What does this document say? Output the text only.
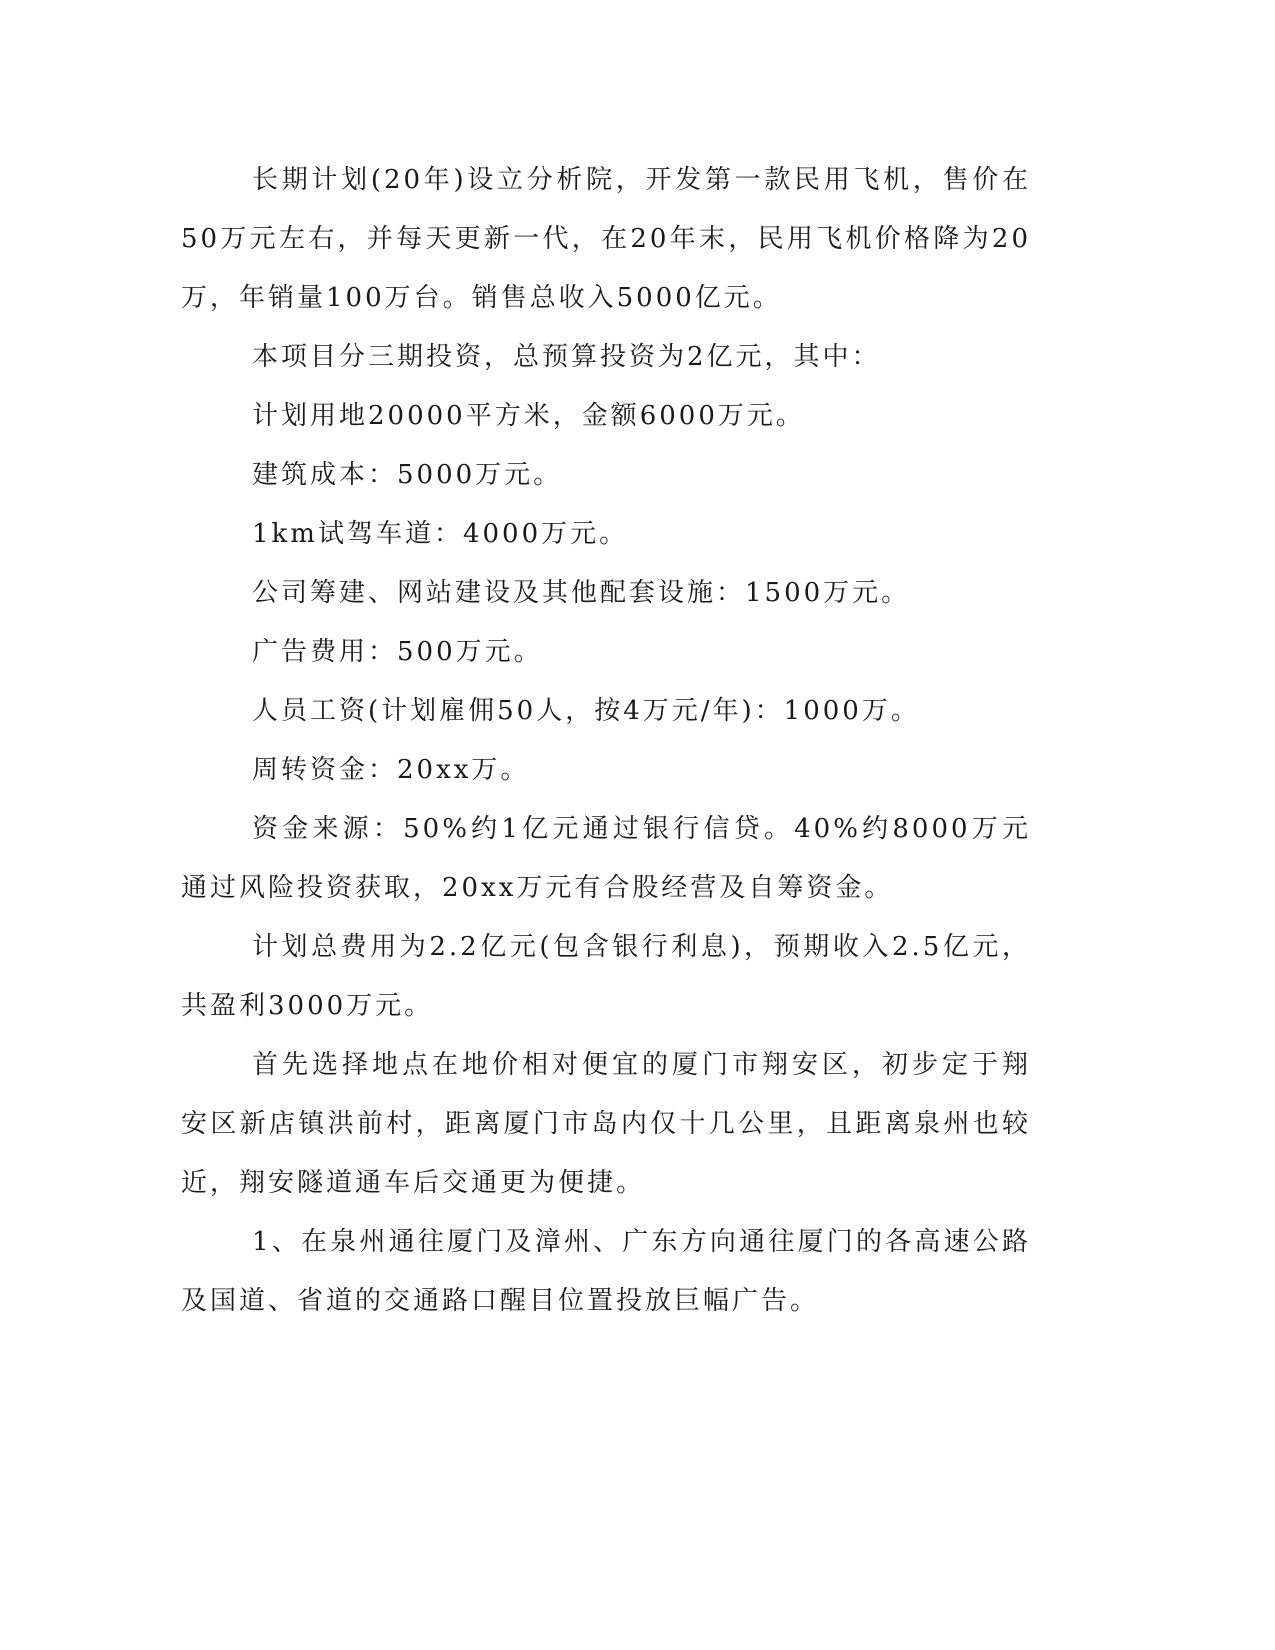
长期计划(20年)设立分析院，开发第一款民用飞机，售价在50万元左右，并每天更新一代，在20年末，民用飞机价格降为20万，年销量100万台。销售总收入5000亿元。

本项目分三期投资，总预算投资为2亿元，其中：

计划用地20000平方米，金额6000万元。

建筑成本：5000万元。

1km试驾车道：4000万元。

公司筹建、网站建设及其他配套设施：1500万元。

广告费用：500万元。

人员工资(计划雇佣50人，按4万元/年)：1000万。

周转资金：20xx万。

资金来源：50%约1亿元通过银行信贷。40%约8000万元通过风险投资获取，20xx万元有合股经营及自筹资金。

计划总费用为2.2亿元(包含银行利息)，预期收入2.5亿元，共盈利3000万元。

首先选择地点在地价相对便宜的厦门市翔安区，初步定于翔安区新店镇洪前村，距离厦门市岛内仅十几公里，且距离泉州也较近，翔安隧道通车后交通更为便捷。

1、在泉州通往厦门及漳州、广东方向通往厦门的各高速公路及国道、省道的交通路口醒目位置投放巨幅广告。
